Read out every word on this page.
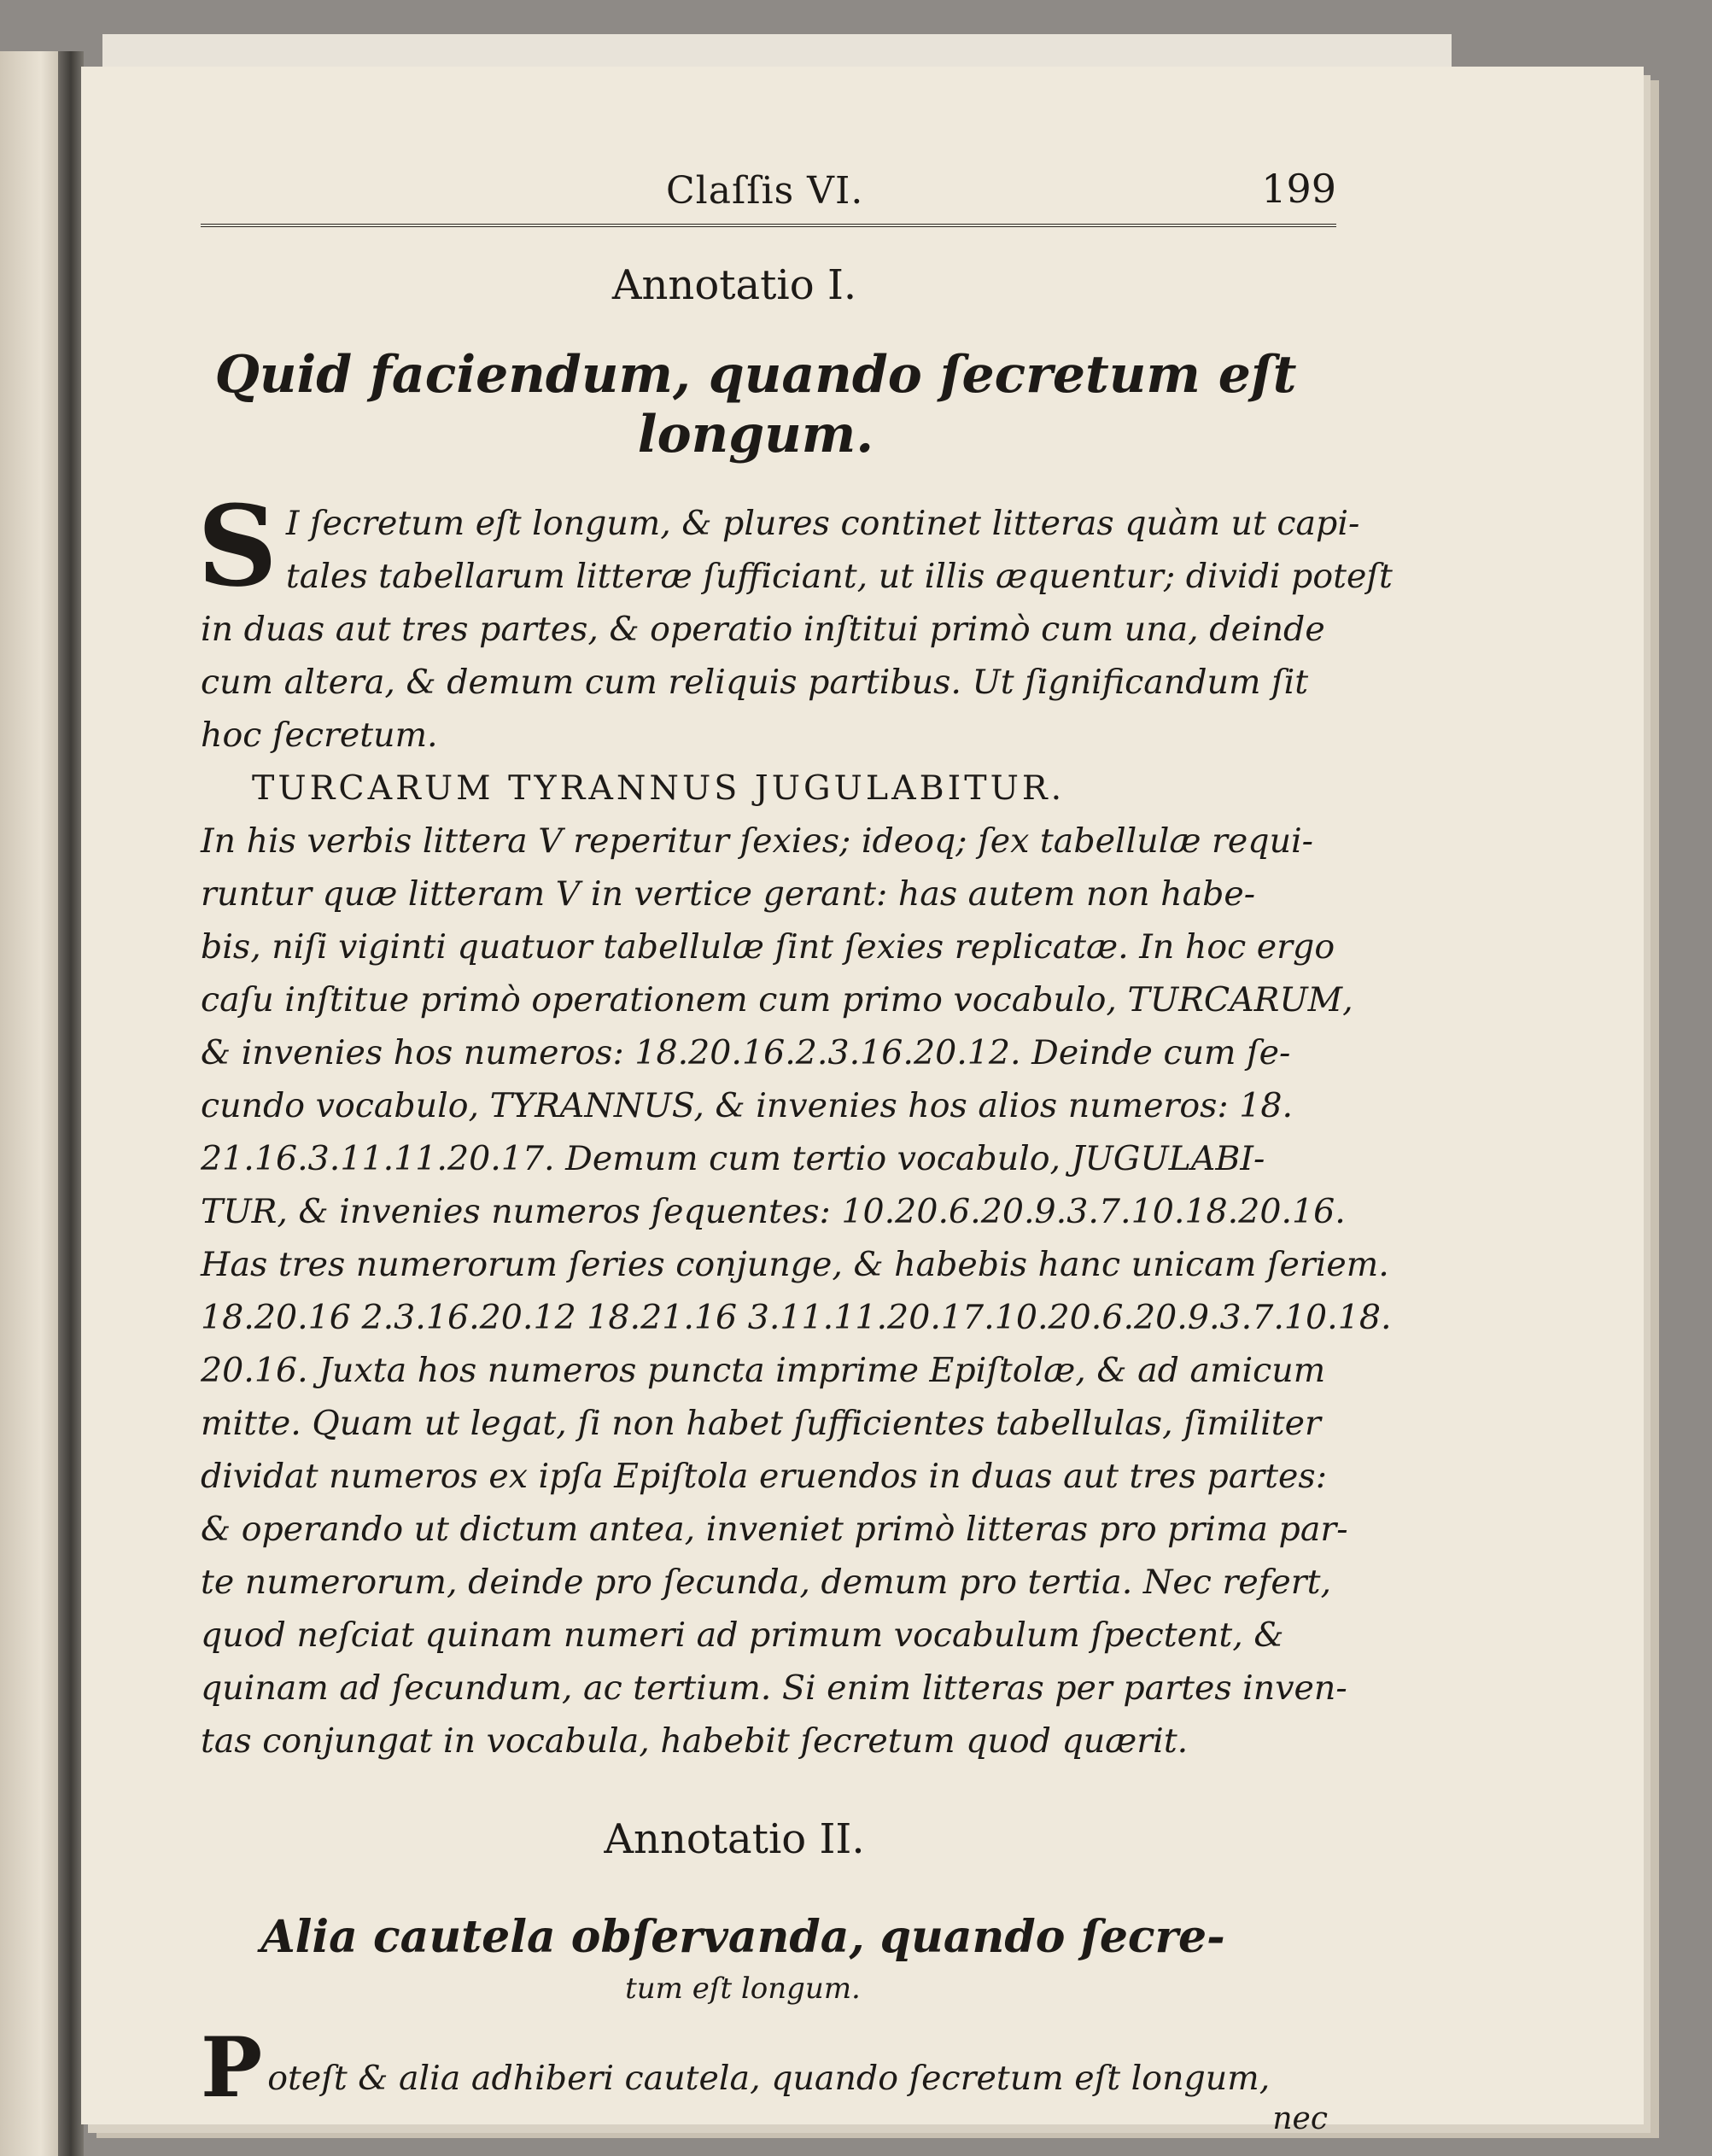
Claſſis VI.	199
Annotatio I.
Quid faciendum, quando ſecretum eſt longum.
S I ſecretum eſt longum, & plures continet litteras quàm ut capi-
tales tabellarum litteræ ſufficiant, ut illis æquentur; dividi poteſt
in duas aut tres partes, & operatio inſtitui primò cum una, deinde
cum altera, & demum cum reliquis partibus. Ut ſignificandum ſit
hoc ſecretum.
TURCARUM TYRANNUS JUGULABITUR.
In his verbis littera V reperitur ſexies; ideoq; ſex tabellulæ requi-
runtur quæ litteram V in vertice gerant: has autem non habe-
bis, niſi viginti quatuor tabellulæ ſint ſexies replicatæ. In hoc ergo
caſu inſtitue primò operationem cum primo vocabulo, TURCARUM,
& invenies hos numeros: 18.20.16.2.3.16.20.12. Deinde cum ſe-
cundo vocabulo, TYRANNUS, & invenies hos alios numeros: 18.
21.16.3.11.11.20.17. Demum cum tertio vocabulo, JUGULABI-
TUR, & invenies numeros ſequentes: 10.20.6.20.9.3.7.10.18.20.16.
Has tres numerorum ſeries conjunge, & habebis hanc unicam ſeriem.
18.20.16 2.3.16.20.12 18.21.16 3.11.11.20.17.10.20.6.20.9.3.7.10.18.
20.16. Juxta hos numeros puncta imprime Epiſtolæ, & ad amicum
mitte. Quam ut legat, ſi non habet ſufficientes tabellulas, ſimiliter
dividat numeros ex ipſa Epiſtola eruendos in duas aut tres partes:
& operando ut dictum antea, inveniet primò litteras pro prima par-
te numerorum, deinde pro ſecunda, demum pro tertia. Nec refert,
quod neſciat quinam numeri ad primum vocabulum ſpectent, &
quinam ad ſecundum, ac tertium. Si enim litteras per partes inven-
tas conjungat in vocabula, habebit ſecretum quod quærit.
Annotatio II.
Alia cautela obſervanda, quando ſecre-
tum eſt longum.
Poteſt & alia adhiberi cautela, quando ſecretum eſt longum,
nec
